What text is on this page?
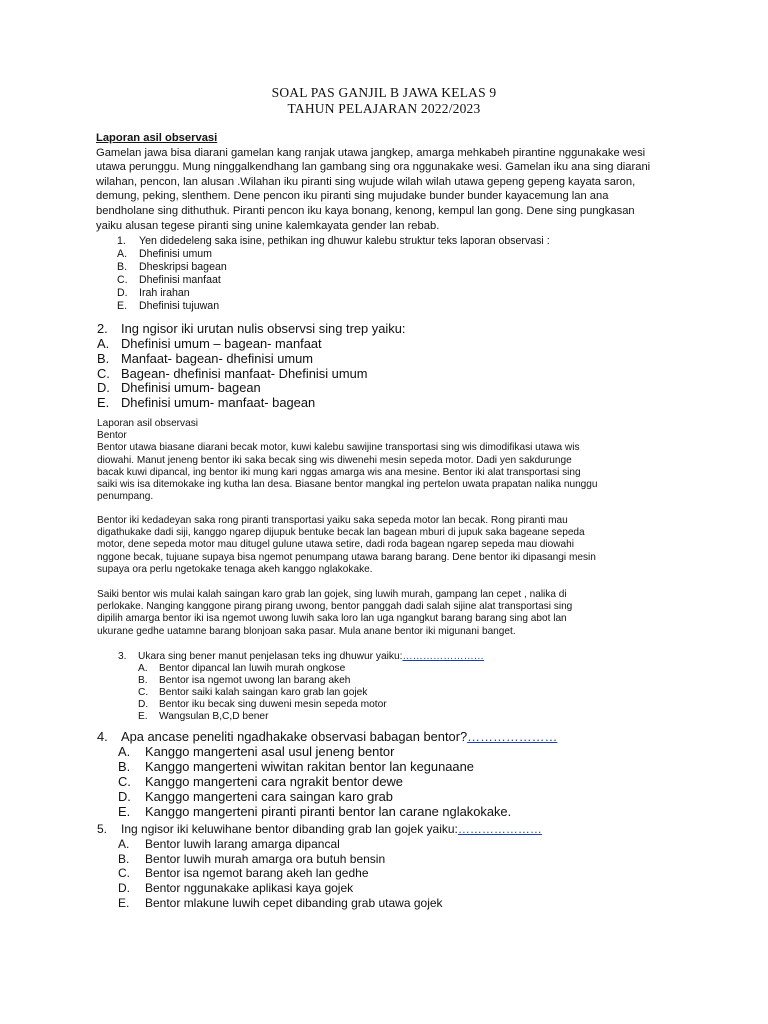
SOAL PAS GANJIL B JAWA KELAS 9
TAHUN PELAJARAN 2022/2023
Laporan asil observasi
Gamelan jawa bisa diarani gamelan kang ranjak utawa jangkep, amarga mehkabeh pirantine nggunakake wesi
utawa perunggu. Mung ninggalkendhang lan gambang sing ora nggunakake wesi. Gamelan iku ana sing diarani
wilahan, pencon, lan alusan .Wilahan iku piranti sing wujude wilah wilah utawa gepeng gepeng kayata saron,
demung, peking, slenthem. Dene pencon iku piranti sing mujudake bunder bunder kayacemung lan ana
bendholane sing dithuthuk. Piranti pencon iku kaya bonang, kenong, kempul lan gong. Dene sing pungkasan
yaiku alusan tegese piranti sing unine kalemkayata gender lan rebab.
1. Yen didedeleng saka isine, pethikan ing dhuwur kalebu struktur teks laporan observasi :
A. Dhefinisi umum
B. Dheskripsi bagean
C. Dhefinisi manfaat
D. Irah irahan
E. Dhefinisi tujuwan
2. Ing ngisor iki urutan nulis observsi sing trep yaiku:
A. Dhefinisi umum – bagean- manfaat
B. Manfaat- bagean- dhefinisi umum
C. Bagean- dhefinisi manfaat- Dhefinisi umum
D. Dhefinisi umum- bagean
E. Dhefinisi umum- manfaat- bagean
Laporan asil observasi
Bentor
Bentor utawa biasane diarani becak motor, kuwi kalebu sawijine transportasi sing wis dimodifikasi utawa wis
diowahi. Manut jeneng bentor iki saka becak sing wis diwenehi mesin sepeda motor. Dadi yen sakdurunge
bacak kuwi dipancal, ing bentor iki mung kari nggas amarga wis ana mesine. Bentor iki alat transportasi sing
saiki wis isa ditemokake ing kutha lan desa. Biasane bentor mangkal ing pertelon uwata prapatan nalika nunggu
penumpang.
Bentor iki kedadeyan saka rong piranti transportasi yaiku saka sepeda motor lan becak. Rong piranti mau
digathukake dadi siji, kanggo ngarep dijupuk bentuke becak lan bagean mburi di jupuk saka bageane sepeda
motor, dene sepeda motor mau ditugel gulune utawa setire, dadi roda bagean ngarep sepeda mau diowahi
nggone becak, tujuane supaya bisa ngemot penumpang utawa barang barang. Dene bentor iki dipasangi mesin
supaya ora perlu ngetokake tenaga akeh kanggo nglakokake.
Saiki bentor wis mulai kalah saingan karo grab lan gojek, sing luwih murah, gampang lan cepet , nalika di
perlokake. Nanging kanggone pirang pirang uwong, bentor panggah dadi salah sijine alat transportasi sing
dipilih amarga bentor iki isa ngemot uwong luwih saka loro lan uga ngangkut barang barang sing abot lan
ukurane gedhe uatamne barang blonjoan saka pasar. Mula anane bentor iki migunani banget.
3. Ukara sing bener manut penjelasan teks ing dhuwur yaiku:……………………
A. Bentor dipancal lan luwih murah ongkose
B. Bentor isa ngemot uwong lan barang akeh
C. Bentor saiki kalah saingan karo grab lan gojek
D. Bentor iku becak sing duweni mesin sepeda motor
E. Wangsulan B,C,D bener
4. Apa ancase peneliti ngadhakake observasi babagan bentor?…………………
A. Kanggo mangerteni asal usul jeneng bentor
B. Kanggo mangerteni wiwitan rakitan bentor lan kegunaane
C. Kanggo mangerteni cara ngrakit bentor dewe
D. Kanggo mangerteni cara saingan karo grab
E. Kanggo mangerteni piranti piranti bentor lan carane nglakokake.
5. Ing ngisor iki keluwihane bentor dibanding grab lan gojek yaiku:…………………
A. Bentor luwih larang amarga dipancal
B. Bentor luwih murah amarga ora butuh bensin
C. Bentor isa ngemot barang akeh lan gedhe
D. Bentor nggunakake aplikasi kaya gojek
E. Bentor mlakune luwih cepet dibanding grab utawa gojek
